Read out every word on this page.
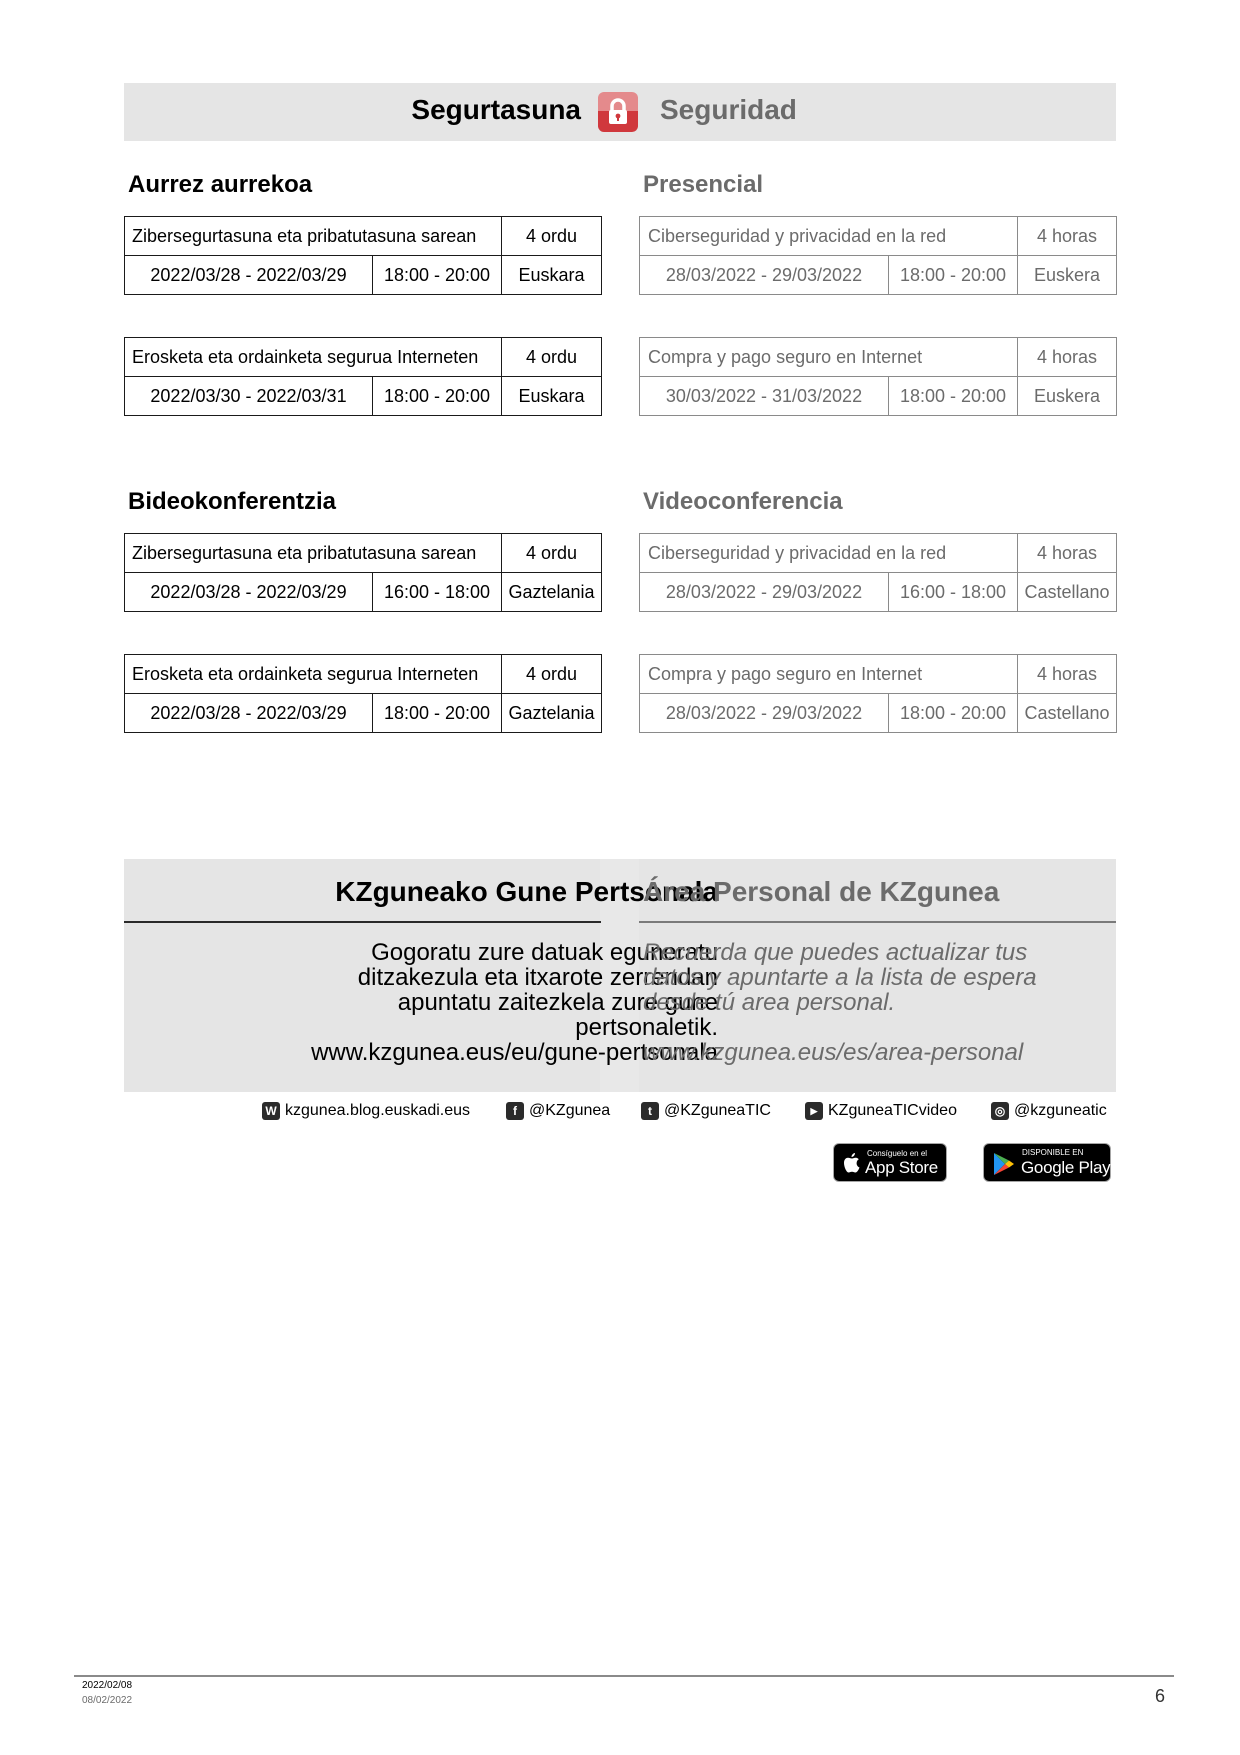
Segurtasuna	Seguridad
Aurrez aurrekoa	Presencial
Zibersegurtasuna eta pribatutasuna sarean		4 ordu
2022/03/28 - 2022/03/29	18:00 - 20:00	Euskara
Ciberseguridad y privacidad en la red		4 horas
28/03/2022 - 29/03/2022	18:00 - 20:00	Euskera
Erosketa eta ordainketa segurua Interneten		4 ordu
2022/03/30 - 2022/03/31	18:00 - 20:00	Euskara
Compra y pago seguro en Internet		4 horas
30/03/2022 - 31/03/2022	18:00 - 20:00	Euskera
Bideokonferentzia	Videoconferencia
Zibersegurtasuna eta pribatutasuna sarean		4 ordu
2022/03/28 - 2022/03/29	16:00 - 18:00	Gaztelania
Ciberseguridad y privacidad en la red		4 horas
28/03/2022 - 29/03/2022	16:00 - 18:00	Castellano
Erosketa eta ordainketa segurua Interneten		4 ordu
2022/03/28 - 2022/03/29	18:00 - 20:00	Gaztelania
Compra y pago seguro en Internet		4 horas
28/03/2022 - 29/03/2022	18:00 - 20:00	Castellano
KZguneako Gune Pertsonala
Área Personal de KZgunea
Gogoratu zure datuak eguneratu
ditzakezula eta itxarote zerrendan
apuntatu zaitezkela zure gune
pertsonaletik.
www.kzgunea.eus/eu/gune-pertsonala
Recuerda que puedes actualizar tus
datos y apuntarte a la lista de espera
desde tú area personal.
www.kzgunea.eus/es/area-personal
W kzgunea.blog.euskadi.eus	f @KZgunea	t @KZguneaTIC	▶ KZguneaTICvideo	◎ @kzguneatic
Consíguelo en el
App Store
DISPONIBLE EN
Google Play
2022/02/08
08/02/2022	6
